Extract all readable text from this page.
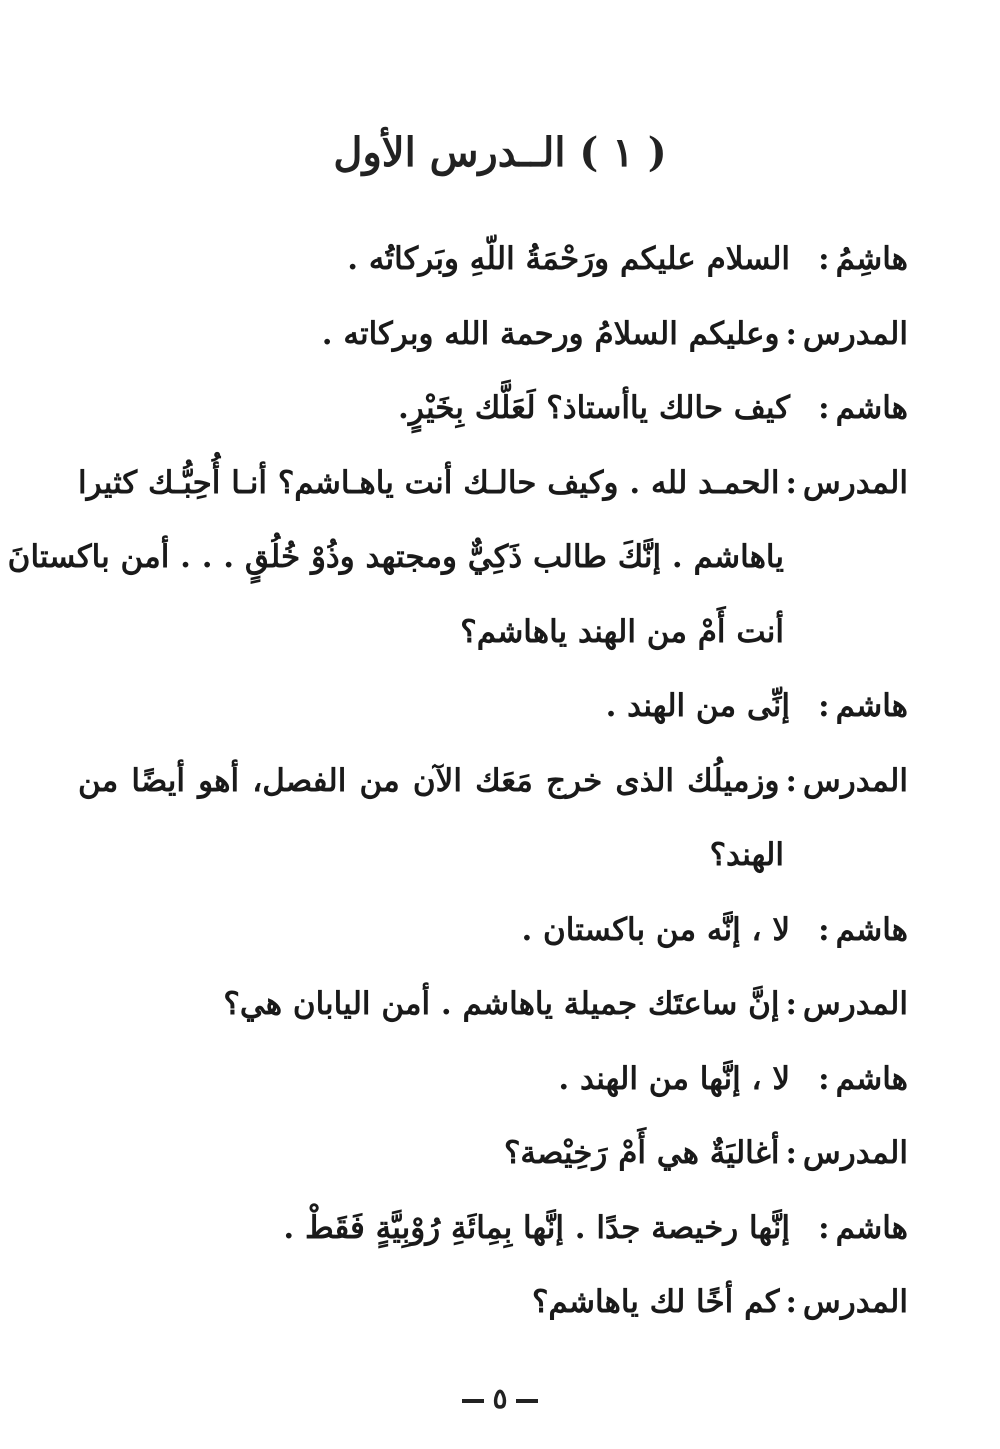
( ١ ) الــدرس الأول
هاشِمُ:
السلام عليكم ورَحْمَةُ اللّهِ وبَركاتُه .
المدرس:
وعليكم السلامُ ورحمة الله وبركاته .
هاشم:
كيف حالك ياأستاذ؟ لَعَلَّك بِخَيْرٍ.
المدرس:
الحمـد لله . وكيف حالـك أنت ياهـاشم؟ أنـا أُحِبُّـك كثيرا
ياهاشم . إنَّكَ طالب ذَكِيٌّ ومجتهد وذُوْ خُلُقٍ . . . أمن باكستانَ
أنت أَمْ من الهند ياهاشم؟
هاشم:
إنِّى من الهند .
المدرس:
وزميلُك الذى خرج مَعَك الآن من الفصل، أهو أيضًا من
الهند؟
هاشم:
لا ، إنَّه من باكستان .
المدرس:
إنَّ ساعتَك جميلة ياهاشم . أمن اليابان هي؟
هاشم:
لا ، إنَّها من الهند .
المدرس:
أغاليَةٌ هي أَمْ رَخِيْصة؟
هاشم:
إنَّها رخيصة جدًا . إنَّها بِمِائَةِ رُوْبِيَّةٍ فَقَطْ .
المدرس:
كم أخًا لك ياهاشم؟
٥
